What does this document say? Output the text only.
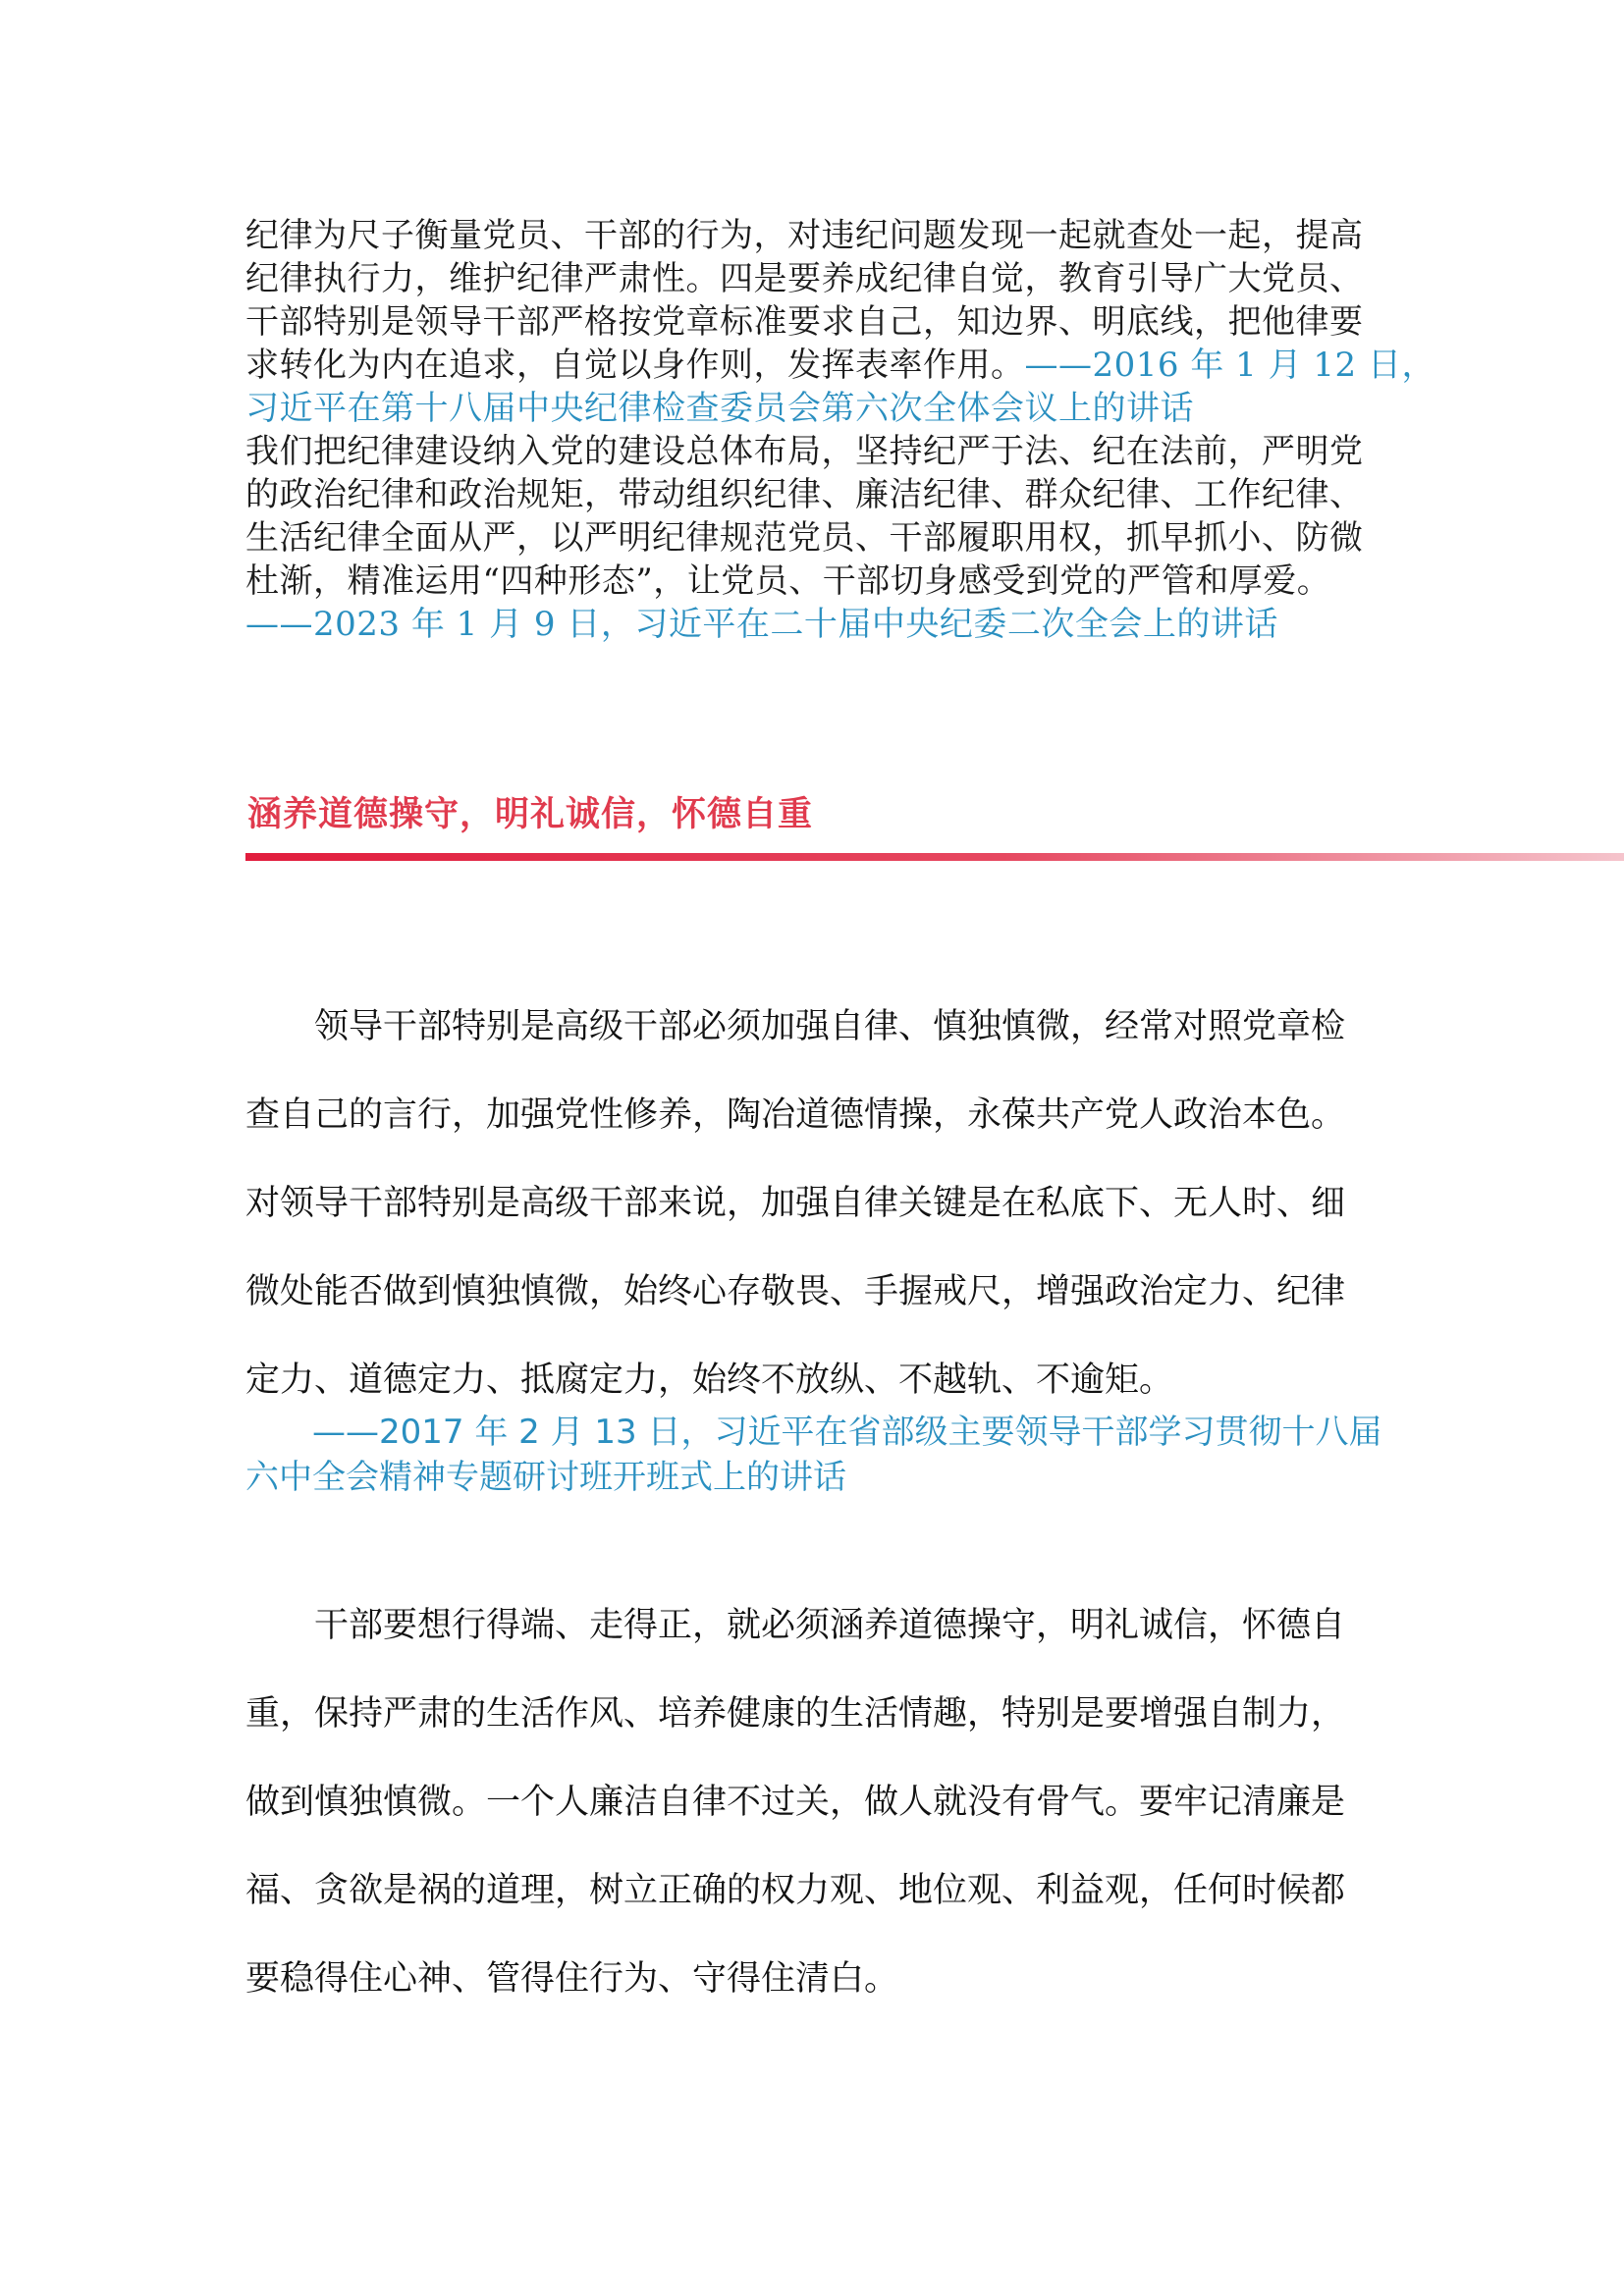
纪律为尺子衡量党员、干部的行为，对违纪问题发现一起就查处一起，提高

纪律执行力，维护纪律严肃性。四是要养成纪律自觉，教育引导广大党员、

干部特别是领导干部严格按党章标准要求自己，知边界、明底线，把他律要

求转化为内在追求，自觉以身作则，发挥表率作用。——2016 年 1 月 12 日，

习近平在第十八届中央纪律检查委员会第六次全体会议上的讲话

我们把纪律建设纳入党的建设总体布局，坚持纪严于法、纪在法前，严明党

的政治纪律和政治规矩，带动组织纪律、廉洁纪律、群众纪律、工作纪律、

生活纪律全面从严，以严明纪律规范党员、干部履职用权，抓早抓小、防微

杜渐，精准运用“四种形态”，让党员、干部切身感受到党的严管和厚爱。

——2023 年 1 月 9 日，习近平在二十届中央纪委二次全会上的讲话

涵养道德操守，明礼诚信，怀德自重

　　领导干部特别是高级干部必须加强自律、慎独慎微，经常对照党章检

查自己的言行，加强党性修养，陶冶道德情操，永葆共产党人政治本色。

对领导干部特别是高级干部来说，加强自律关键是在私底下、无人时、细

微处能否做到慎独慎微，始终心存敬畏、手握戒尺，增强政治定力、纪律

定力、道德定力、抵腐定力，始终不放纵、不越轨、不逾矩。

　　——2017 年 2 月 13 日，习近平在省部级主要领导干部学习贯彻十八届

六中全会精神专题研讨班开班式上的讲话

　　干部要想行得端、走得正，就必须涵养道德操守，明礼诚信，怀德自

重，保持严肃的生活作风、培养健康的生活情趣，特别是要增强自制力，

做到慎独慎微。一个人廉洁自律不过关，做人就没有骨气。要牢记清廉是

福、贪欲是祸的道理，树立正确的权力观、地位观、利益观，任何时候都

要稳得住心神、管得住行为、守得住清白。
